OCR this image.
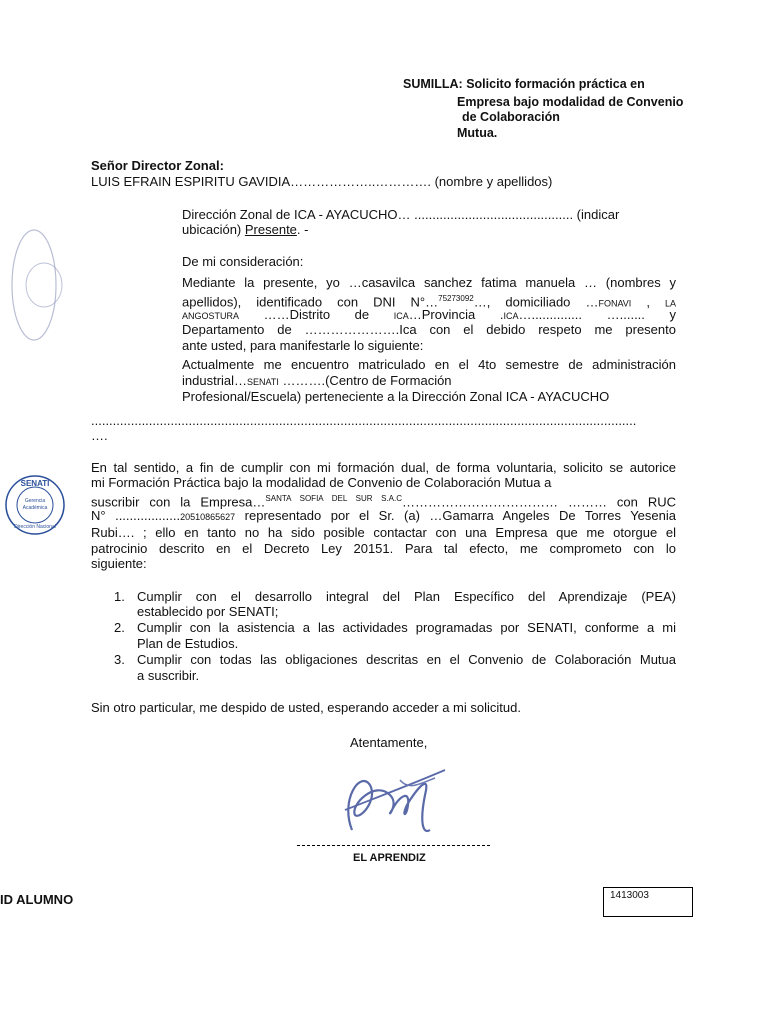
SUMILLA: Solicito formación práctica en
Empresa bajo modalidad de Convenio
de Colaboración
Mutua.
Señor Director Zonal:
LUIS EFRAIN ESPIRITU GAVIDIA………………..…………. (nombre y apellidos)
Dirección Zonal de ICA - AYACUCHO… ............................................ (indicar
ubicación) Presente. -
De mi consideración:
Mediante la presente, yo …casavilca sanchez fatima manuela … (nombres y
apellidos), identificado con DNI N°…$^{75273092}$…, domiciliado …FONAVI , LA
ANGOSTURA ……Distrito de ICA…Provincia .ICA….............. …....... y
Departamento de ………………….Ica con el debido respeto me presento
ante usted, para manifestarle lo siguiente:
Actualmente me encuentro matriculado en el 4to semestre de administración
industrial…SENATI ……….(Centro de Formación
Profesional/Escuela) perteneciente a la Dirección Zonal ICA - AYACUCHO
.......................................................................................................................................................
….
En tal sentido, a fin de cumplir con mi formación dual, de forma voluntaria, solicito se autorice
mi Formación Práctica bajo la modalidad de Convenio de Colaboración Mutua a
suscribir con la Empresa…$^{SANTA SOFIA DEL SUR S.A.C}$……………………………… ……… con RUC
N° ..................20510865627 representado por el Sr. (a) …Gamarra Angeles De Torres Yesenia
Rubi…. ; ello en tanto no ha sido posible contactar con una Empresa que me otorgue el
patrocinio descrito en el Decreto Ley 20151. Para tal efecto, me comprometo con lo
siguiente:
1. Cumplir con el desarrollo integral del Plan Específico del Aprendizaje (PEA)
establecido por SENATI;
2. Cumplir con la asistencia a las actividades programadas por SENATI, conforme a mi
Plan de Estudios.
3. Cumplir con todas las obligaciones descritas en el Convenio de Colaboración Mutua
a suscribir.
Sin otro particular, me despido de usted, esperando acceder a mi solicitud.
Atentamente,
EL APRENDIZ
ID ALUMNO	1413003
SENATI
Gerencia
Académica
Dirección Nacional
